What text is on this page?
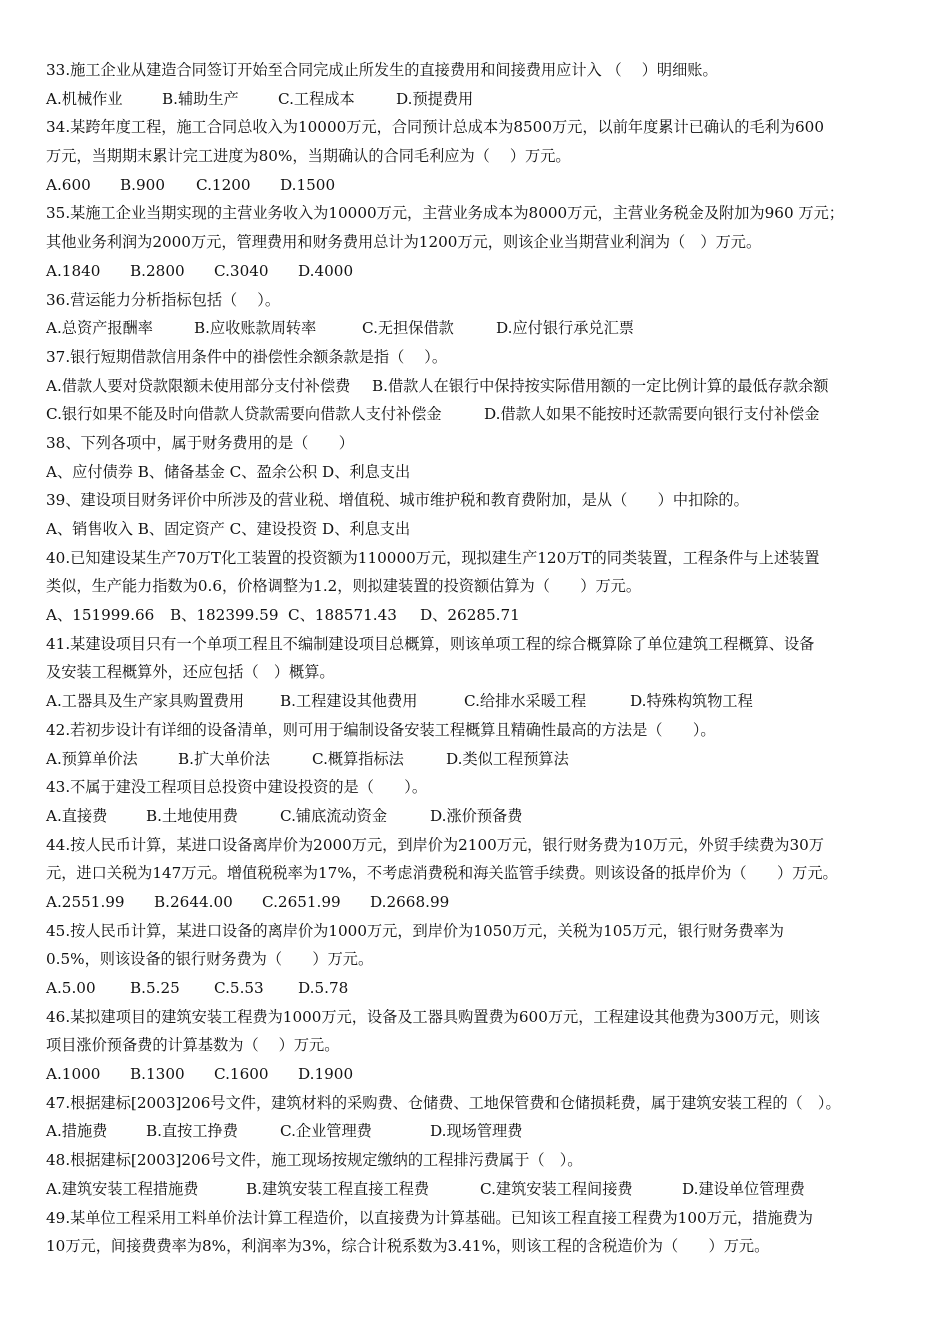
33.施工企业从建造合同签订开始至合同完成止所发生的直接费用和间接费用应计入 （　 ）明细账。
A.机械作业	B.辅助生产	C.工程成本	D.预提费用
34.某跨年度工程，施工合同总收入为10000万元，合同预计总成本为8500万元，以前年度累计已确认的毛利为600
万元，当期期末累计完工进度为80%，当期确认的合同毛利应为（　 ）万元。
A.600	B.900	C.1200	D.1500
35.某施工企业当期实现的主营业务收入为10000万元，主营业务成本为8000万元，主营业务税金及附加为960 万元；
其他业务利润为2000万元，管理费用和财务费用总计为1200万元，则该企业当期营业利润为（　）万元。
A.1840	B.2800	C.3040	D.4000
36.营运能力分析指标包括（　 ）。
A.总资产报酬率	B.应收账款周转率	C.无担保借款	D.应付银行承兑汇票
37.银行短期借款信用条件中的褂偿性余额条款是指（　 ）。
A.借款人要对贷款限额未使用部分支付补偿费	B.借款人在银行中保持按实际借用额的一定比例计算的最低存款余额
C.银行如果不能及时向借款人贷款需要向借款人支付补偿金	D.借款人如果不能按时还款需要向银行支付补偿金
38、下列各项中，属于财务费用的是（　　）
A、应付债券 B、储备基金 C、盈余公积 D、利息支出
39、建设项目财务评价中所涉及的营业税、增值税、城市维护税和教育费附加，是从（　　）中扣除的。
A、销售收入 B、固定资产 C、建设投资 D、利息支出
40.已知建设某生产70万T化工装置的投资额为110000万元，现拟建生产120万T的同类装置，工程条件与上述装置
类似，生产能力指数为0.6，价格调整为1.2，则拟建装置的投资额估算为（　　）万元。
A、151999.66	B、182399.59 C、188571.43	D、26285.71
41.某建设项目只有一个单项工程且不编制建设项目总概算，则该单项工程的综合概算除了单位建筑工程概算、设备
及安装工程概算外，还应包括（　）概算。
A.工器具及生产家具购置费用	B.工程建设其他费用	C.给排水采暖工程	D.特殊构筑物工程
42.若初步设计有详细的设备清单，则可用于编制设备安装工程概算且精确性最高的方法是（　　）。
A.预算单价法	B.扩大单价法	C.概算指标法	D.类似工程预算法
43.不属于建没工程项目总投资中建设投资的是（　　）。
A.直接费	B.土地使用费	C.铺底流动资金	D.涨价预备费
44.按人民币计算，某进口设备离岸价为2000万元，到岸价为2100万元，银行财务费为10万元，外贸手续费为30万
元，进口关税为147万元。增值税税率为17%，不考虑消费税和海关监管手续费。则该设备的抵岸价为（　　）万元。
A.2551.99	B.2644.00	C.2651.99	D.2668.99
45.按人民币计算，某进口设备的离岸价为1000万元，到岸价为1050万元，关税为105万元，银行财务费率为
0.5%，则该设备的银行财务费为（　　）万元。
A.5.00	B.5.25	C.5.53	D.5.78
46.某拟建项目的建筑安装工程费为1000万元，设备及工器具购置费为600万元，工程建设其他费为300万元，则该
项目涨价预备费的计算基数为（　 ）万元。
A.1000	B.1300	C.1600	D.1900
47.根据建标[2003]206号文件，建筑材料的采购费、仓储费、工地保管费和仓储损耗费，属于建筑安装工程的（　）。
A.措施费	B.直按工挣费	C.企业管理费	D.现场管理费
48.根据建标[2003]206号文件，施工现场按规定缴纳的工程排污费属于（　）。
A.建筑安装工程措施费	B.建筑安装工程直接工程费	C.建筑安装工程间接费	D.建设单位管理费
49.某单位工程采用工料单价法计算工程造价，以直接费为计算基础。已知该工程直接工程费为100万元，措施费为
10万元，间接费费率为8%，利润率为3%，综合计税系数为3.41%，则该工程的含税造价为（　　）万元。
